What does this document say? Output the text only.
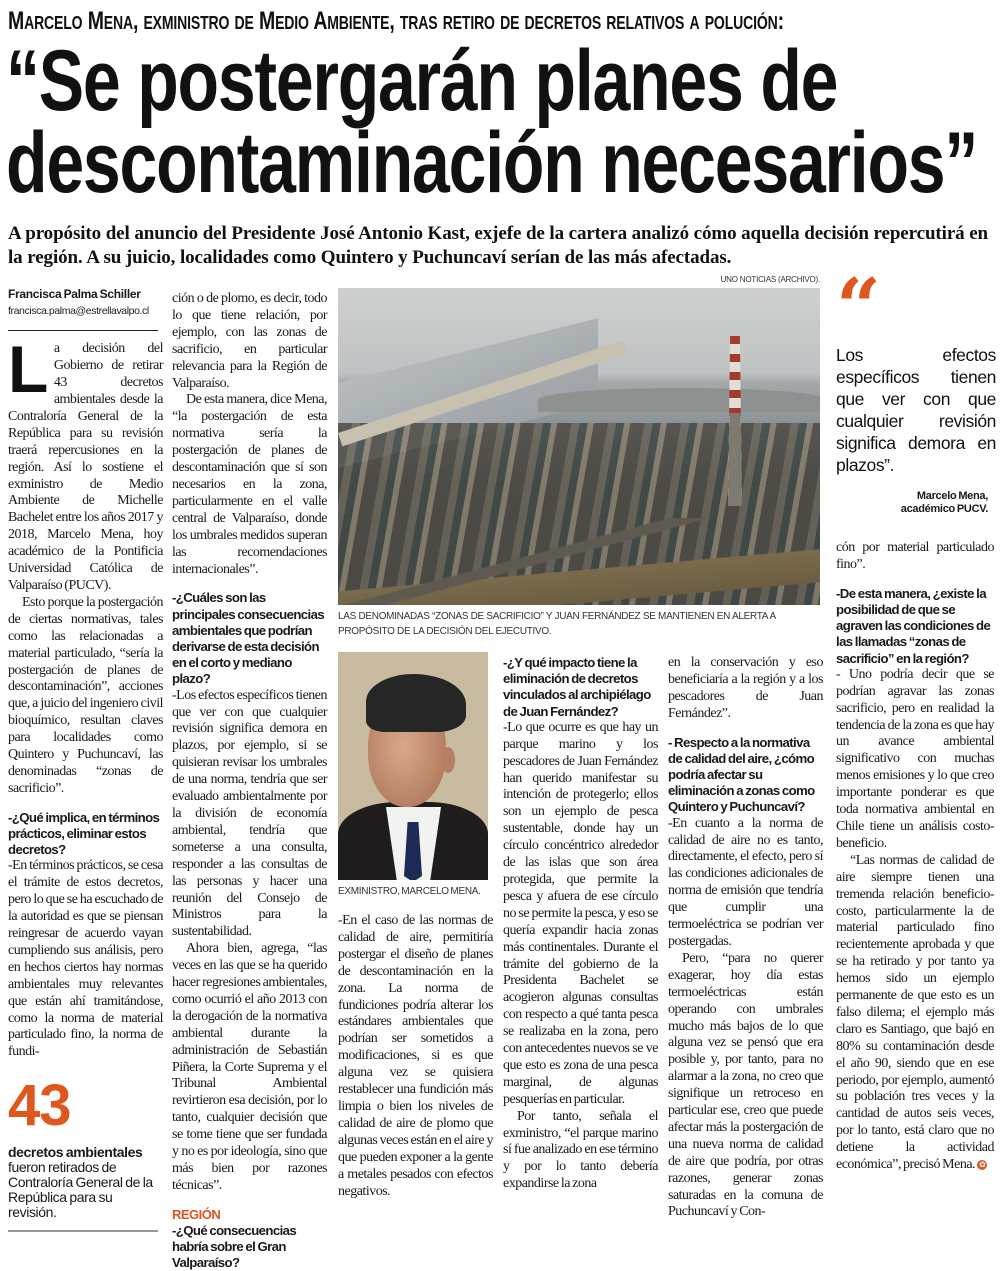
Marcelo Mena, exministro de Medio Ambiente, tras retiro de decretos relativos a polución:
“Se postergarán planes de
descontaminación necesarios”
A propósito del anuncio del Presidente José Antonio Kast, exjefe de la cartera analizó cómo aquella decisión repercutirá en la región. A su juicio, localidades como Quintero y Puchuncaví serían de las más afectadas.
Francisca Palma Schiller
francisca.palma@estrellavalpo.cl

La decisión del Gobierno de retirar 43 decretos ambientales desde la Contraloría General de la República para su revisión traerá repercusiones en la región. Así lo sostiene el exministro de Medio Ambiente de Michelle Bachelet entre los años 2017 y 2018, Marcelo Mena, hoy académico de la Pontificia Universidad Católica de Valparaíso (PUCV).

Esto porque la postergación de ciertas normativas, tales como las relacionadas a material particulado, “sería la postergación de planes de descontaminación”, acciones que, a juicio del ingeniero civil bioquímico, resultan claves para localidades como Quintero y Puchuncaví, las denominadas “zonas de sacrificio”.

-¿Qué implica, en términos prácticos, eliminar estos decretos?

-En términos prácticos, se cesa el trámite de estos decretos, pero lo que se ha escuchado de la autoridad es que se piensan reingresar de acuerdo vayan cumpliendo sus análisis, pero en hechos ciertos hay normas ambientales muy relevantes que están ahí tramitándose, como la norma de material particulado fino, la norma de fundi-

43
decretos ambientales
fueron retirados de Contraloría General de la República para su revisión.

ción o de plomo, es decir, todo lo que tiene relación, por ejemplo, con las zonas de sacrificio, en particular relevancia para la Región de Valparaíso.

De esta manera, dice Mena, “la postergación de esta normativa sería la postergación de planes de descontaminación que sí son necesarios en la zona, particularmente en el valle central de Valparaíso, donde los umbrales medidos superan las recomendaciones internacionales”.

-¿Cuáles son las principales consecuencias ambientales que podrían derivarse de esta decisión en el corto y mediano plazo?

-Los efectos específicos tienen que ver con que cualquier revisión significa demora en plazos, por ejemplo, si se quisieran revisar los umbrales de una norma, tendría que ser evaluado ambientalmente por la división de economía ambiental, tendría que someterse a una consulta, responder a las consultas de las personas y hacer una reunión del Consejo de Ministros para la sustentabilidad.

Ahora bien, agrega, “las veces en las que se ha querido hacer regresiones ambientales, como ocurrió el año 2013 con la derogación de la normativa ambiental durante la administración de Sebastián Piñera, la Corte Suprema y el Tribunal Ambiental revirtieron esa decisión, por lo tanto, cualquier decisión que se tome tiene que ser fundada y no es por ideología, sino que más bien por razones técnicas”.

REGIÓN

-¿Qué consecuencias habría sobre el Gran Valparaíso?

UNO NOTICIAS (ARCHIVO).
LAS DENOMINADAS “ZONAS DE SACRIFICIO” Y JUAN FERNÁNDEZ SE MANTIENEN EN ALERTA A PROPÓSITO DE LA DECISIÓN DEL EJECUTIVO.
EXMINISTRO, MARCELO MENA.

-En el caso de las normas de calidad de aire, permitiría postergar el diseño de planes de descontaminación en la zona. La norma de fundiciones podría alterar los estándares ambientales que podrían ser sometidos a modificaciones, si es que alguna vez se quisiera restablecer una fundición más limpia o bien los niveles de calidad de aire de plomo que algunas veces están en el aire y que pueden exponer a la gente a metales pesados con efectos negativos.

-¿Y qué impacto tiene la eliminación de decretos vinculados al archipiélago de Juan Fernández?

-Lo que ocurre es que hay un parque marino y los pescadores de Juan Fernández han querido manifestar su intención de protegerlo; ellos son un ejemplo de pesca sustentable, donde hay un círculo concéntrico alrededor de las islas que son área protegida, que permite la pesca y afuera de ese círculo no se permite la pesca, y eso se quería expandir hacia zonas más continentales. Durante el trámite del gobierno de la Presidenta Bachelet se acogieron algunas consultas con respecto a qué tanta pesca se realizaba en la zona, pero con antecedentes nuevos se ve que esto es zona de una pesca marginal, de algunas pesquerías en particular.

Por tanto, señala el exministro, “el parque marino sí fue analizado en ese término y por lo tanto debería expandirse la zona

en la conservación y eso beneficiaría a la región y a los pescadores de Juan Fernández”.

- Respecto a la normativa de calidad del aire, ¿cómo podría afectar su eliminación a zonas como Quintero y Puchuncaví?

-En cuanto a la norma de calidad de aire no es tanto, directamente, el efecto, pero sí las condiciones adicionales de norma de emisión que tendría que cumplir una termoeléctrica se podrían ver postergadas.

Pero, “para no querer exagerar, hoy día estas termoeléctricas están operando con umbrales mucho más bajos de lo que alguna vez se pensó que era posible y, por tanto, para no alarmar a la zona, no creo que signifique un retroceso en particular ese, creo que puede afectar más la postergación de una nueva norma de calidad de aire que podría, por otras razones, generar zonas saturadas en la comuna de Puchuncaví y Con-

“
Los efectos específicos tienen que ver con que cualquier revisión significa demora en plazos”.
Marcelo Mena,
académico PUCV.

cón por material particulado fino”.

-De esta manera, ¿existe la posibilidad de que se agraven las condiciones de las llamadas “zonas de sacrificio” en la región?

- Uno podría decir que se podrían agravar las zonas sacrificio, pero en realidad la tendencia de la zona es que hay un avance ambiental significativo con muchas menos emisiones y lo que creo importante ponderar es que toda normativa ambiental en Chile tiene un análisis costo-beneficio.

“Las normas de calidad de aire siempre tienen una tremenda relación beneficio-costo, particularmente la de material particulado fino recientemente aprobada y que se ha retirado y por tanto ya hemos sido un ejemplo permanente de que esto es un falso dilema; el ejemplo más claro es Santiago, que bajó en 80% su contaminación desde el año 90, siendo que en ese periodo, por ejemplo, aumentó su población tres veces y la cantidad de autos seis veces, por lo tanto, está claro que no detiene la actividad económica”, precisó Mena. ✿
